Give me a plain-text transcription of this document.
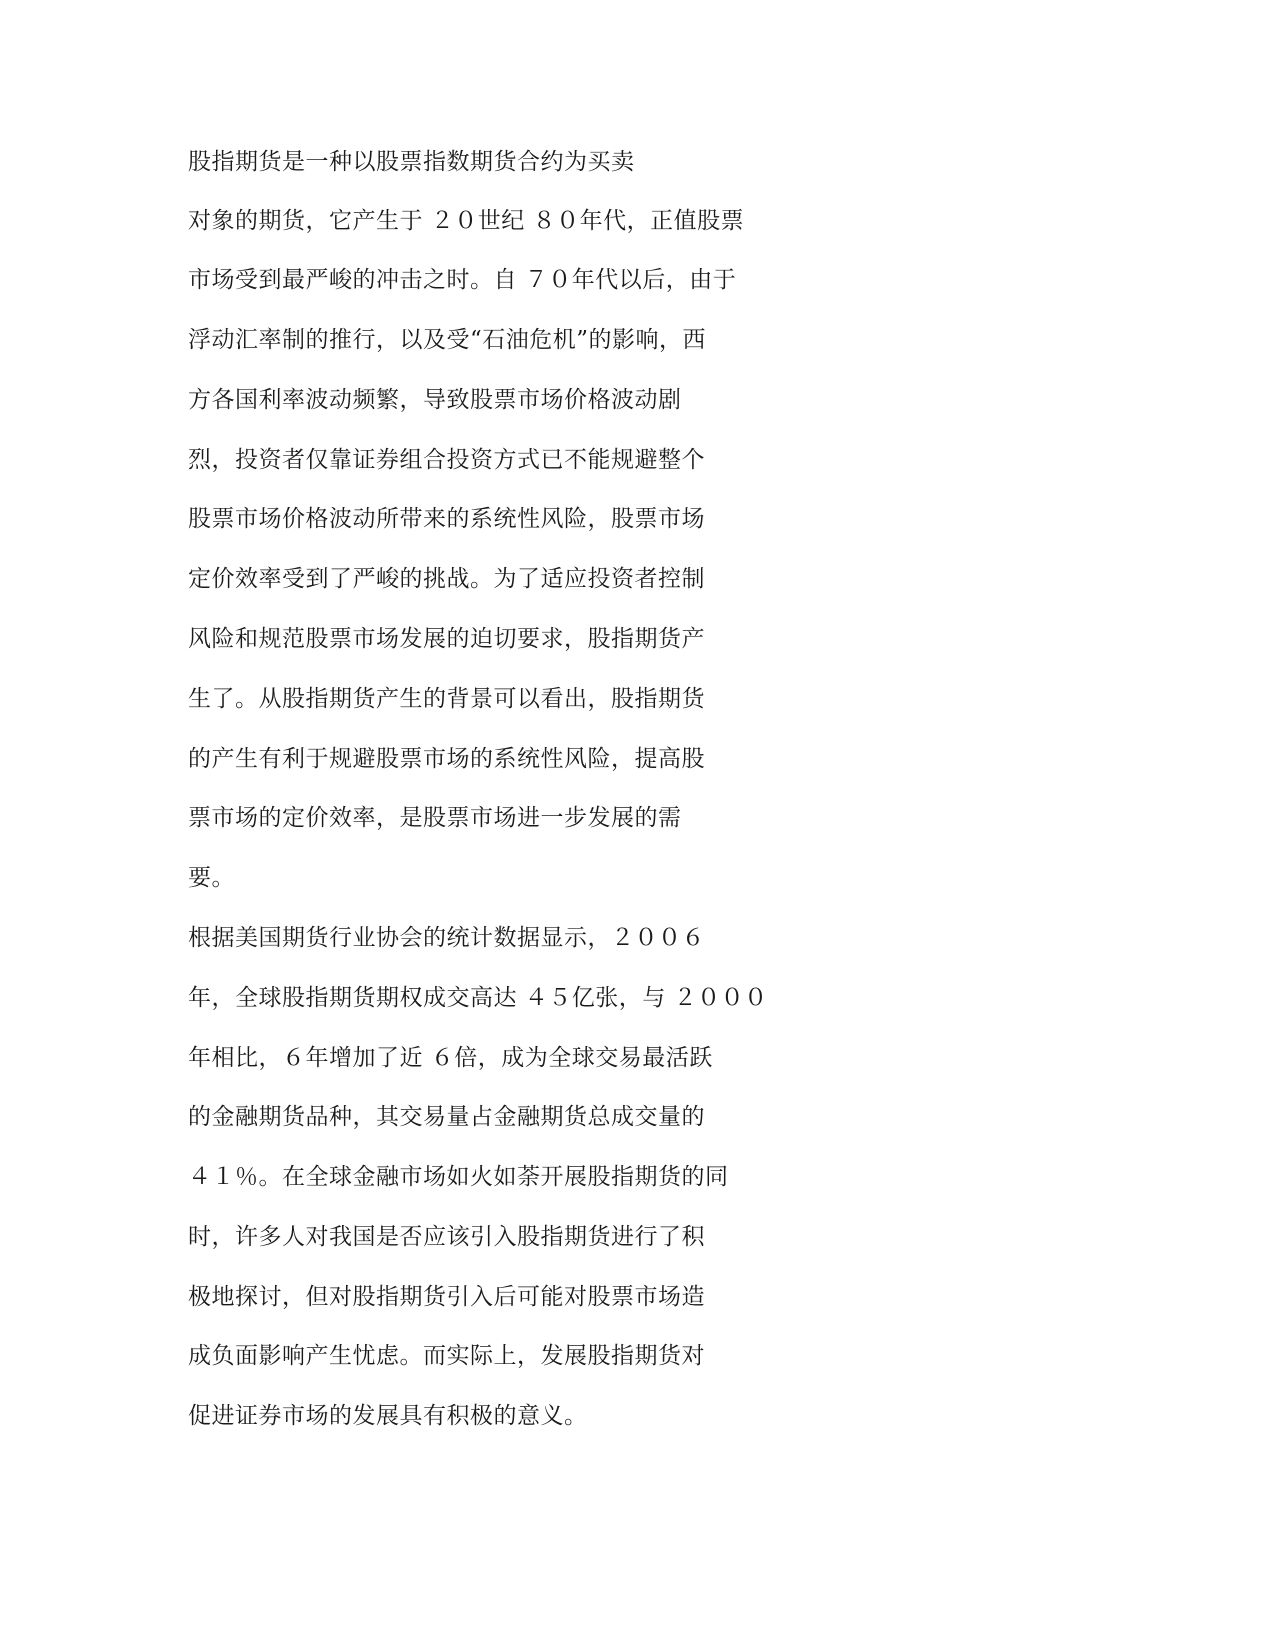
股指期货是一种以股票指数期货合约为买卖

对象的期货，它产生于 ２０世纪 ８０年代，正值股票

市场受到最严峻的冲击之时。自 ７０年代以后，由于

浮动汇率制的推行，以及受“石油危机”的影响，西

方各国利率波动频繁，导致股票市场价格波动剧

烈，投资者仅靠证券组合投资方式已不能规避整个

股票市场价格波动所带来的系统性风险，股票市场

定价效率受到了严峻的挑战。为了适应投资者控制

风险和规范股票市场发展的迫切要求，股指期货产

生了。从股指期货产生的背景可以看出，股指期货

的产生有利于规避股票市场的系统性风险，提高股

票市场的定价效率，是股票市场进一步发展的需

要。

根据美国期货行业协会的统计数据显示，２００６

年，全球股指期货期权成交高达 ４５亿张，与 ２０００

年相比，６年增加了近 ６倍，成为全球交易最活跃

的金融期货品种，其交易量占金融期货总成交量的

４１％。在全球金融市场如火如荼开展股指期货的同

时，许多人对我国是否应该引入股指期货进行了积

极地探讨，但对股指期货引入后可能对股票市场造

成负面影响产生忧虑。而实际上，发展股指期货对

促进证券市场的发展具有积极的意义。
